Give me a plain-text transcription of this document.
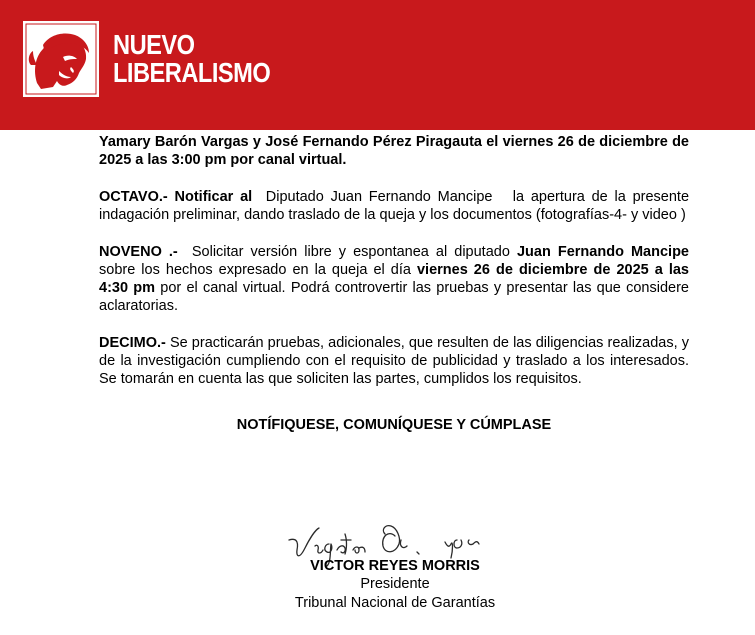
NUEVO
LIBERALISMO

Yamary Barón Vargas y José Fernando Pérez Piragauta el viernes 26 de diciembre de 2025 a las 3:00 pm por canal virtual.

OCTAVO.- Notificar al  Diputado Juan Fernando Mancipe   la apertura de la presente indagación preliminar, dando traslado de la queja y los documentos (fotografías-4- y video )

NOVENO .-  Solicitar versión libre y espontanea al diputado Juan Fernando Mancipe sobre los hechos expresado en la queja el día viernes 26 de diciembre de 2025 a las 4:30 pm por el canal virtual. Podrá controvertir las pruebas y presentar las que considere aclaratorias.

DECIMO.- Se practicarán pruebas, adicionales, que resulten de las diligencias realizadas, y de la investigación cumpliendo con el requisito de publicidad y traslado a los interesados. Se tomarán en cuenta las que soliciten las partes, cumplidos los requisitos.

NOTÍFIQUESE, COMUNÍQUESE Y CÚMPLASE
VICTOR REYES MORRIS
Presidente
Tribunal Nacional de Garantías
